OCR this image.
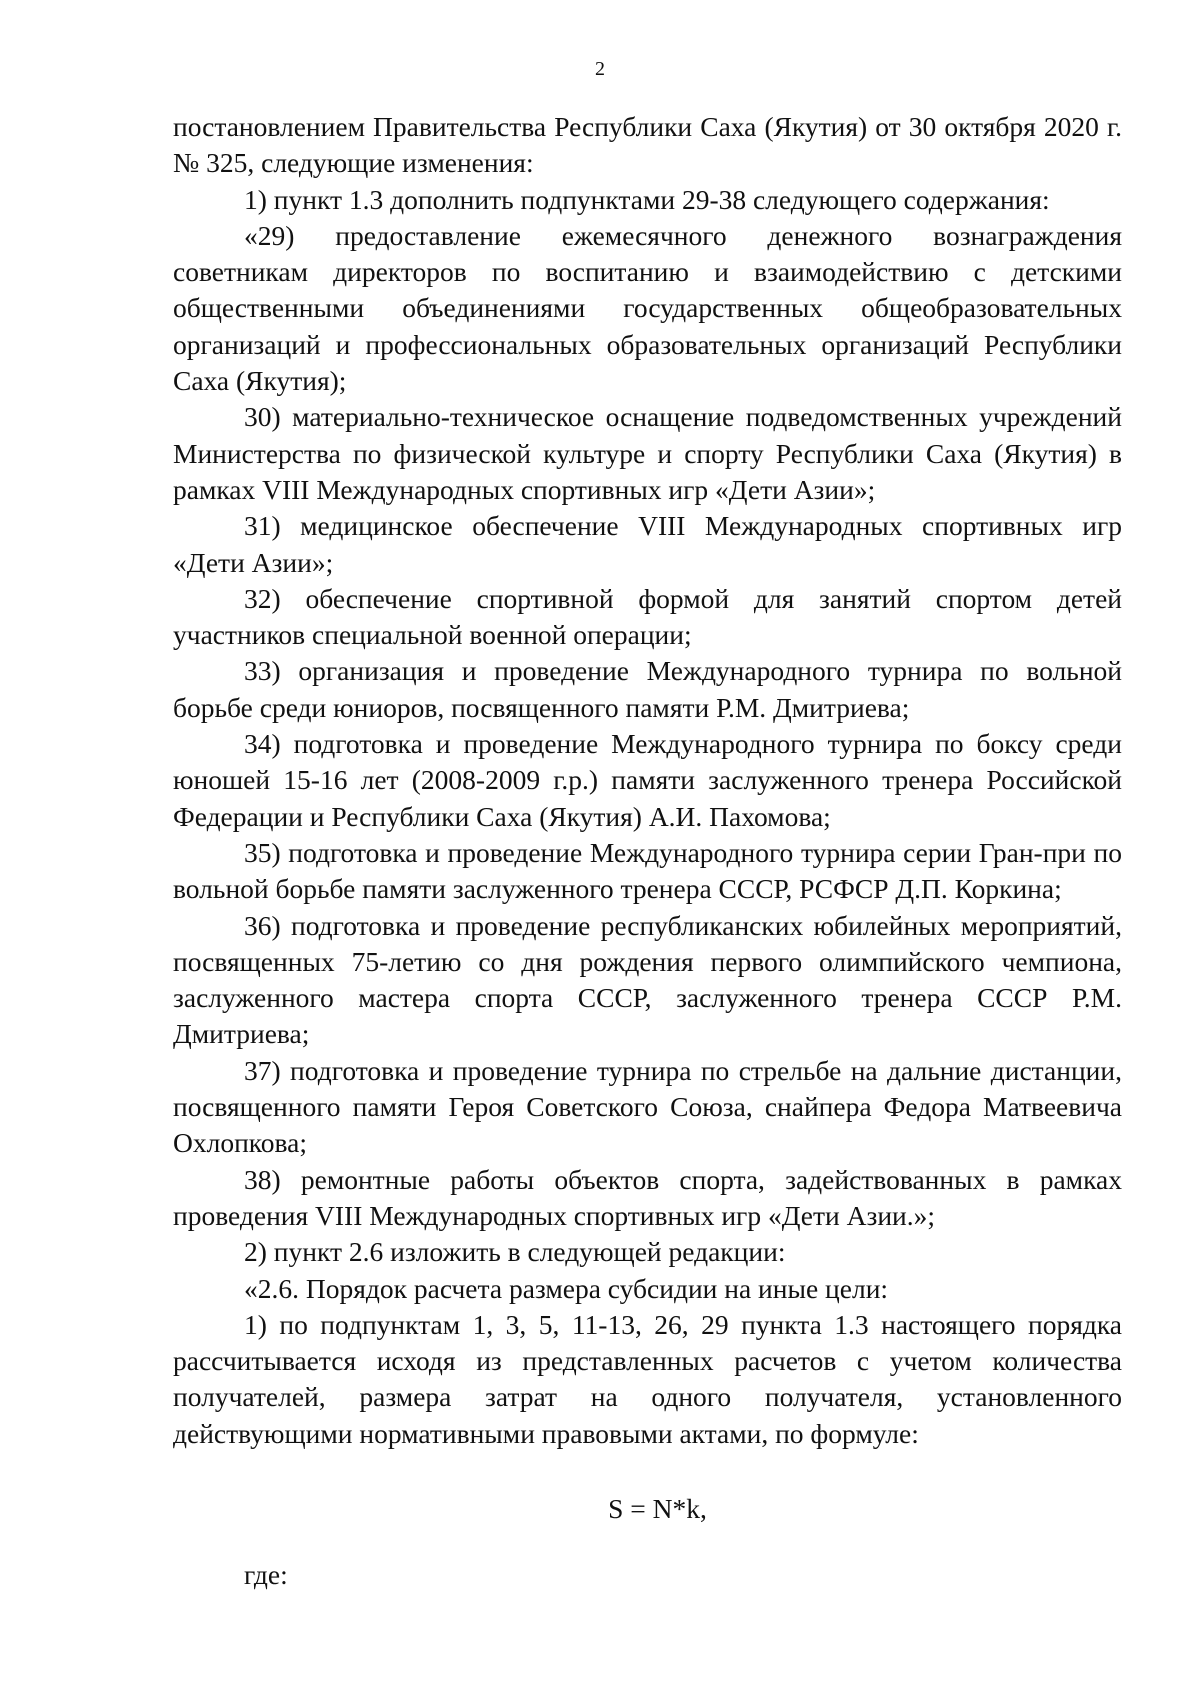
2

постановлением Правительства Республики Саха (Якутия) от 30 октября 2020 г. № 325, следующие изменения:

1) пункт 1.3 дополнить подпунктами 29-38 следующего содержания:

«29) предоставление ежемесячного денежного вознаграждения советникам директоров по воспитанию и взаимодействию с детскими общественными объединениями государственных общеобразовательных организаций и профессиональных образовательных организаций Республики Саха (Якутия);

30) материально-техническое оснащение подведомственных учреждений Министерства по физической культуре и спорту Республики Саха (Якутия) в рамках VIII Международных спортивных игр «Дети Азии»;

31) медицинское обеспечение VIII Международных спортивных игр «Дети Азии»;

32) обеспечение спортивной формой для занятий спортом детей участников специальной военной операции;

33) организация и проведение Международного турнира по вольной борьбе среди юниоров, посвященного памяти Р.М. Дмитриева;

34) подготовка и проведение Международного турнира по боксу среди юношей 15-16 лет (2008-2009 г.р.) памяти заслуженного тренера Российской Федерации и Республики Саха (Якутия) А.И. Пахомова;

35) подготовка и проведение Международного турнира серии Гран-при по вольной борьбе памяти заслуженного тренера СССР, РСФСР Д.П. Коркина;

36) подготовка и проведение республиканских юбилейных мероприятий, посвященных 75-летию со дня рождения первого олимпийского чемпиона, заслуженного мастера спорта СССР, заслуженного тренера СССР Р.М. Дмитриева;

37) подготовка и проведение турнира по стрельбе на дальние дистанции, посвященного памяти Героя Советского Союза, снайпера Федора Матвеевича Охлопкова;

38) ремонтные работы объектов спорта, задействованных в рамках проведения VIII Международных спортивных игр «Дети Азии.»;

2) пункт 2.6 изложить в следующей редакции:

«2.6. Порядок расчета размера субсидии на иные цели:

1) по подпунктам 1, 3, 5, 11-13, 26, 29 пункта 1.3 настоящего порядка рассчитывается исходя из представленных расчетов с учетом количества получателей, размера затрат на одного получателя, установленного действующими нормативными правовыми актами, по формуле:

S = N*k,
где:
